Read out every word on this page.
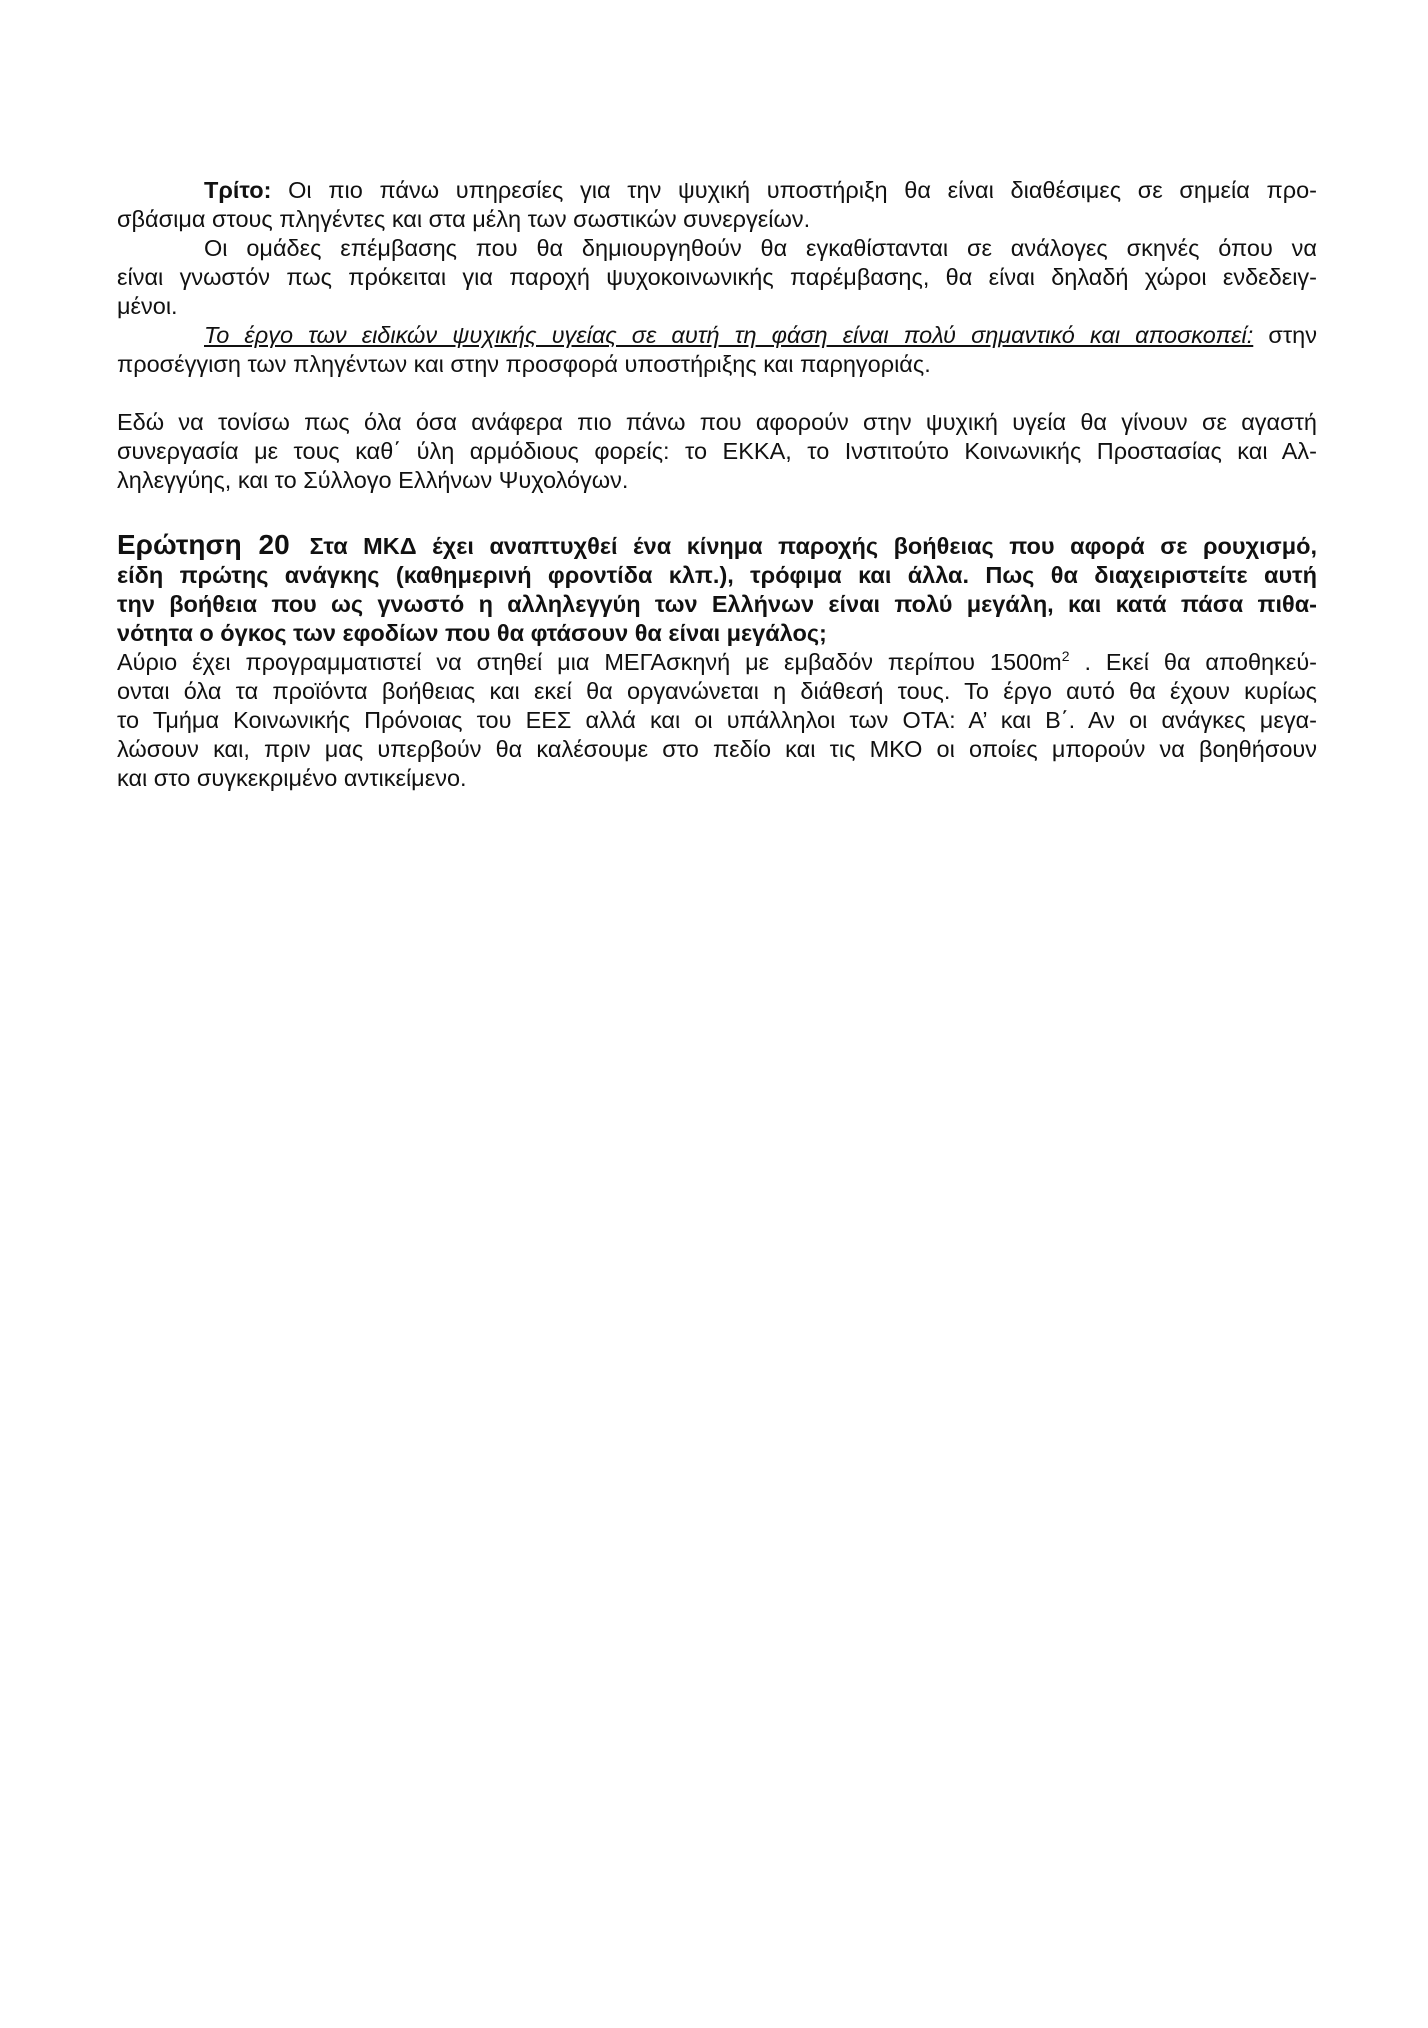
Τρίτο: Οι πιο πάνω υπηρεσίες για την ψυχική υποστήριξη θα είναι διαθέσιμες σε σημεία προ-
σβάσιμα στους πληγέντες και στα μέλη των σωστικών συνεργείων.
Οι ομάδες επέμβασης που θα δημιουργηθούν θα εγκαθίστανται σε ανάλογες σκηνές όπου να
είναι γνωστόν πως πρόκειται για παροχή ψυχοκοινωνικής παρέμβασης, θα είναι δηλαδή χώροι ενδεδειγ-
μένοι.
Το έργο των ειδικών ψυχικής υγείας σε αυτή τη φάση είναι πολύ σημαντικό και αποσκοπεί: στην
προσέγγιση των πληγέντων και στην προσφορά υποστήριξης και παρηγοριάς.
Εδώ να τονίσω πως όλα όσα ανάφερα πιο πάνω που αφορούν στην ψυχική υγεία θα γίνουν σε αγαστή
συνεργασία με τους καθ΄ ύλη αρμόδιους φορείς: το ΕΚΚΑ, το Ινστιτούτο Κοινωνικής Προστασίας και Αλ-
ληλεγγύης, και το Σύλλογο Ελλήνων Ψυχολόγων.
Ερώτηση 20 Στα ΜΚΔ έχει αναπτυχθεί ένα κίνημα παροχής βοήθειας που αφορά σε ρουχισμό,
είδη πρώτης ανάγκης (καθημερινή φροντίδα κλπ.), τρόφιμα και άλλα. Πως θα διαχειριστείτε αυτή
την βοήθεια που ως γνωστό η αλληλεγγύη των Ελλήνων είναι πολύ μεγάλη, και κατά πάσα πιθα-
νότητα ο όγκος των εφοδίων που θα φτάσουν θα είναι μεγάλος;
Αύριο έχει προγραμματιστεί να στηθεί μια ΜΕΓΑσκηνή με εμβαδόν περίπου $1500m^2$ . Εκεί θα αποθηκεύ-
ονται όλα τα προϊόντα βοήθειας και εκεί θα οργανώνεται η διάθεσή τους. Το έργο αυτό θα έχουν κυρίως
το Τμήμα Κοινωνικής Πρόνοιας του ΕΕΣ αλλά και οι υπάλληλοι των ΟΤΑ: Α’ και Β΄. Αν οι ανάγκες μεγα-
λώσουν και, πριν μας υπερβούν θα καλέσουμε στο πεδίο και τις ΜΚΟ οι οποίες μπορούν να βοηθήσουν
και στο συγκεκριμένο αντικείμενο.
